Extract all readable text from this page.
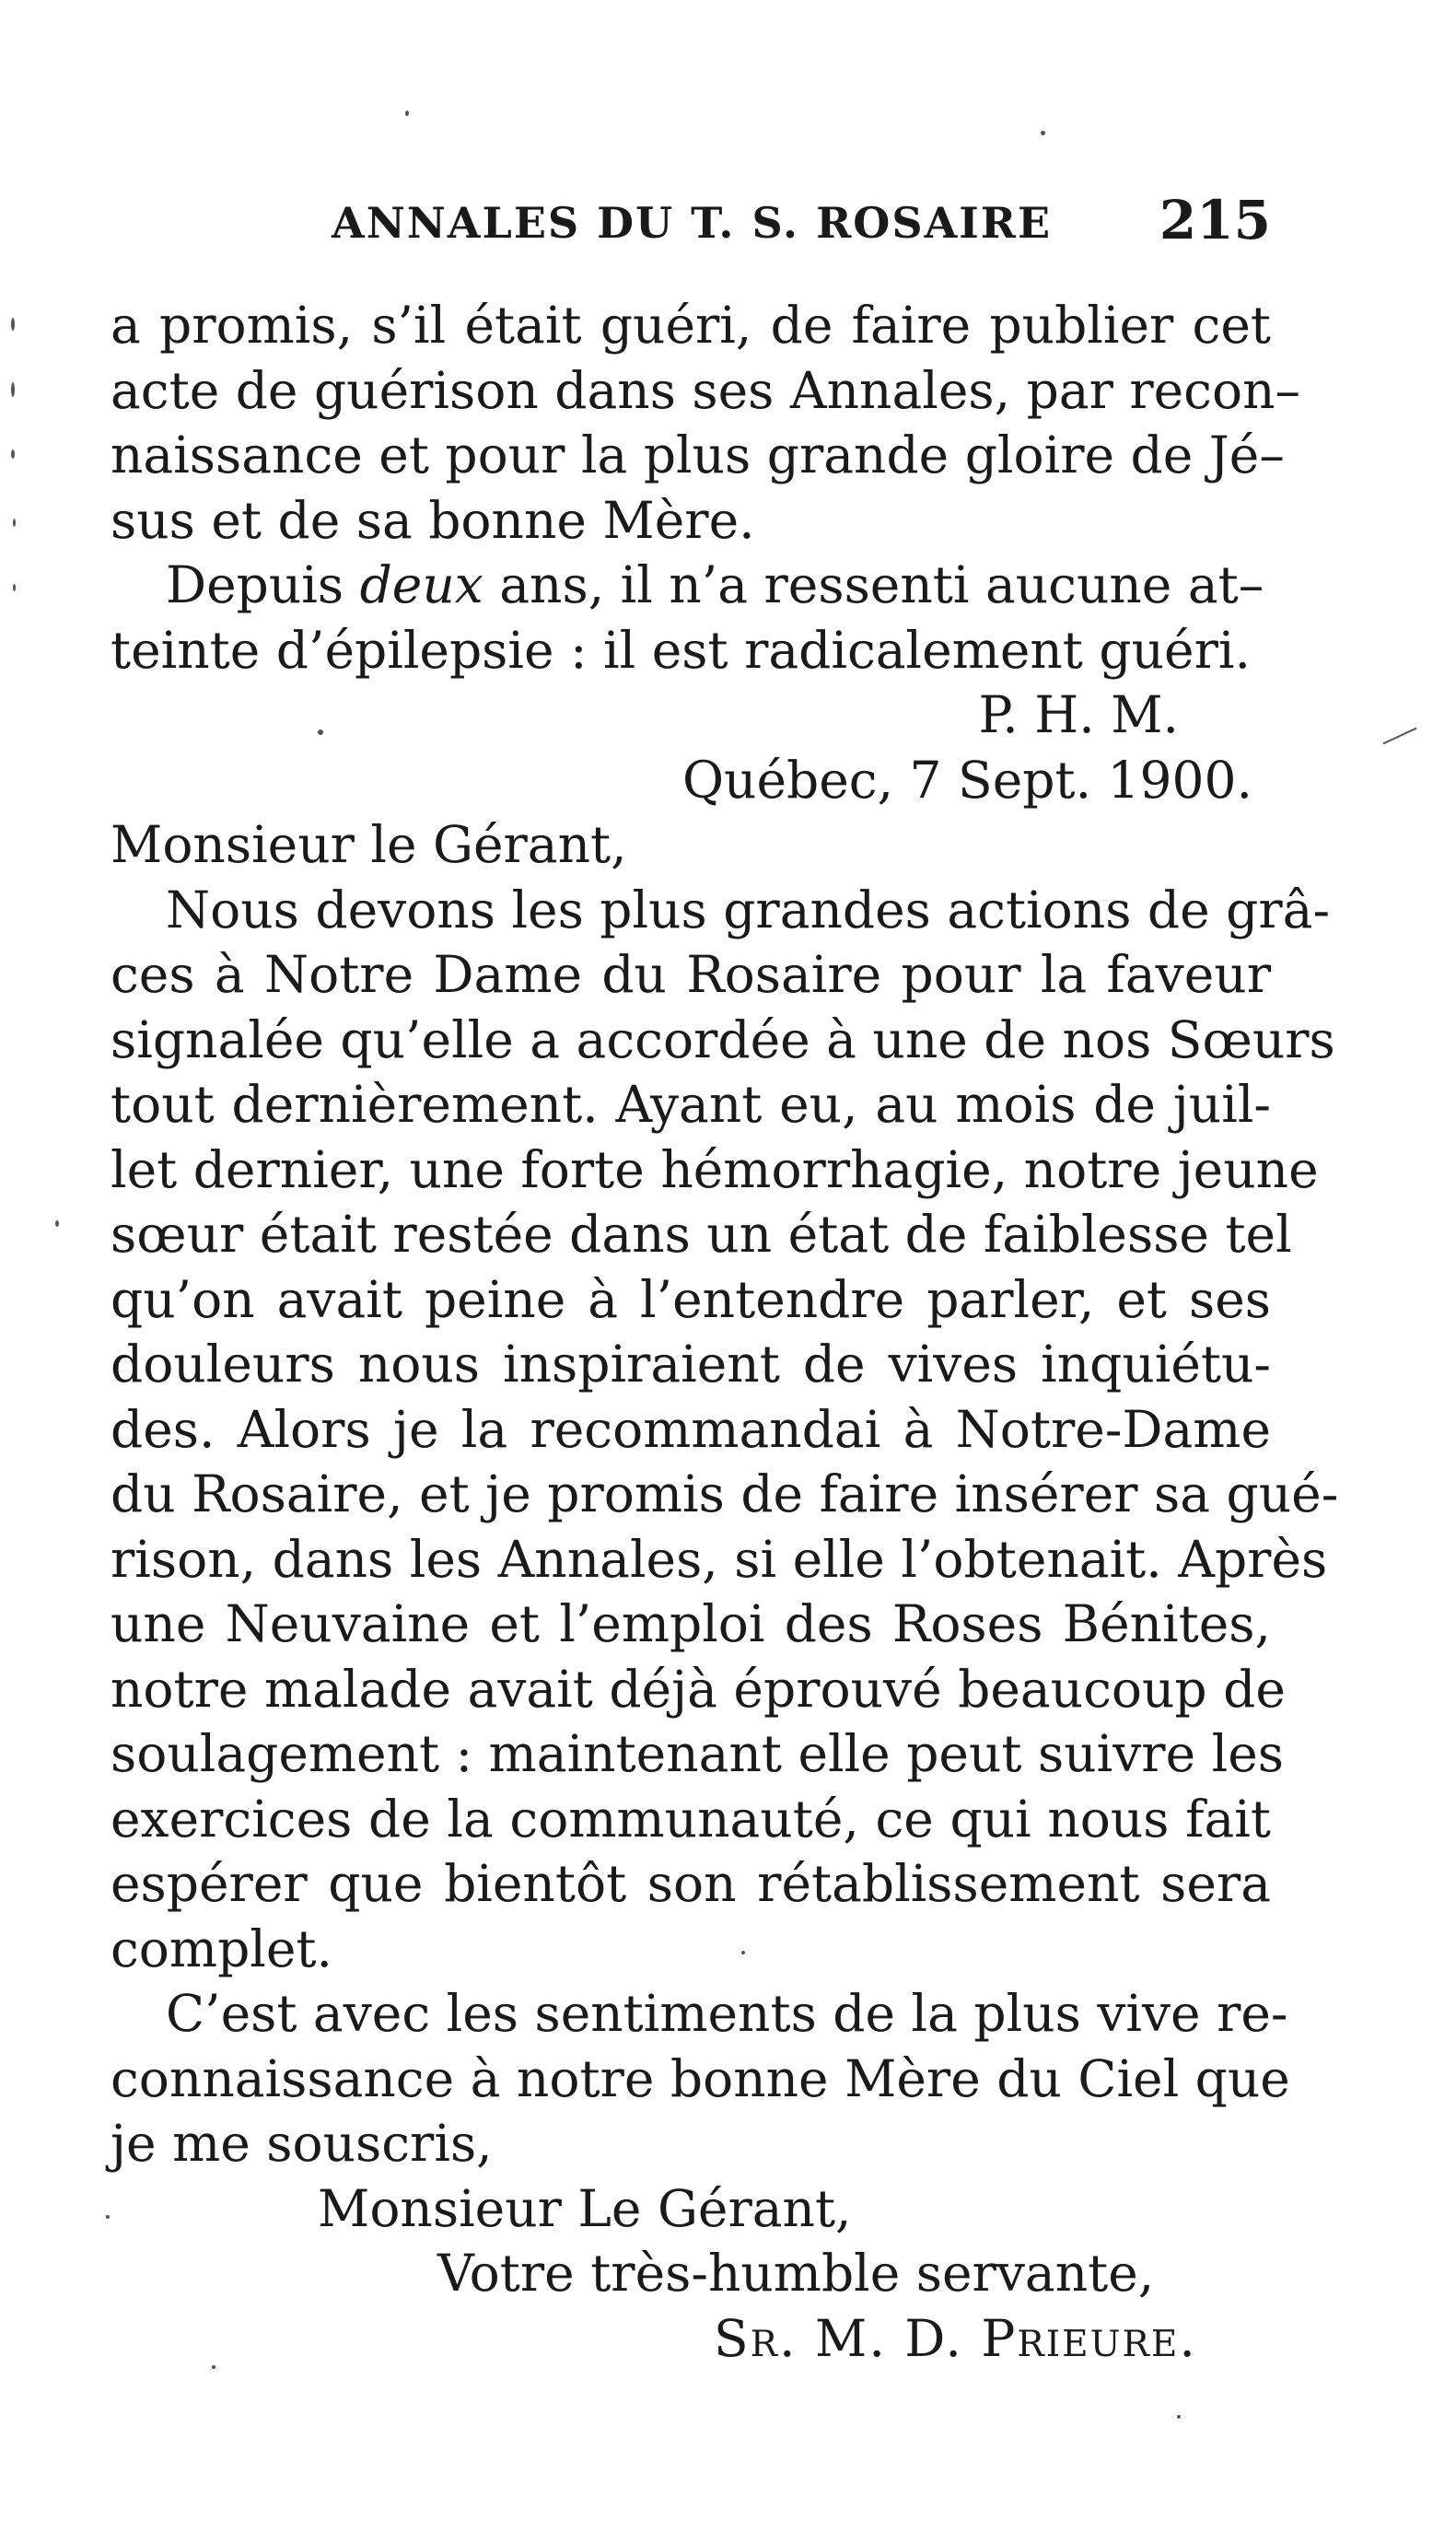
ANNALES DU T. S. ROSAIRE 215
a promis, s’il était guéri, de faire publier cet
acte de guérison dans ses Annales, par recon–
naissance et pour la plus grande gloire de Jé–
sus et de sa bonne Mère.
Depuis deux ans, il n’a ressenti aucune at–
teinte d’épilepsie : il est radicalement guéri.
P. H. M.
Québec, 7 Sept. 1900.
Monsieur le Gérant,
Nous devons les plus grandes actions de grâ-
ces à Notre Dame du Rosaire pour la faveur
signalée qu’elle a accordée à une de nos Sœurs
tout dernièrement. Ayant eu, au mois de juil-
let dernier, une forte hémorrhagie, notre jeune
sœur était restée dans un état de faiblesse tel
qu’on avait peine à l’entendre parler, et ses
douleurs nous inspiraient de vives inquiétu-
des. Alors je la recommandai à Notre-Dame
du Rosaire, et je promis de faire insérer sa gué-
rison, dans les Annales, si elle l’obtenait. Après
une Neuvaine et l’emploi des Roses Bénites,
notre malade avait déjà éprouvé beaucoup de
soulagement : maintenant elle peut suivre les
exercices de la communauté, ce qui nous fait
espérer que bientôt son rétablissement sera
complet.
C’est avec les sentiments de la plus vive re-
connaissance à notre bonne Mère du Ciel que
je me souscris,
Monsieur Le Gérant,
Votre très-humble servante,
Sr. M. D. Prieure.
